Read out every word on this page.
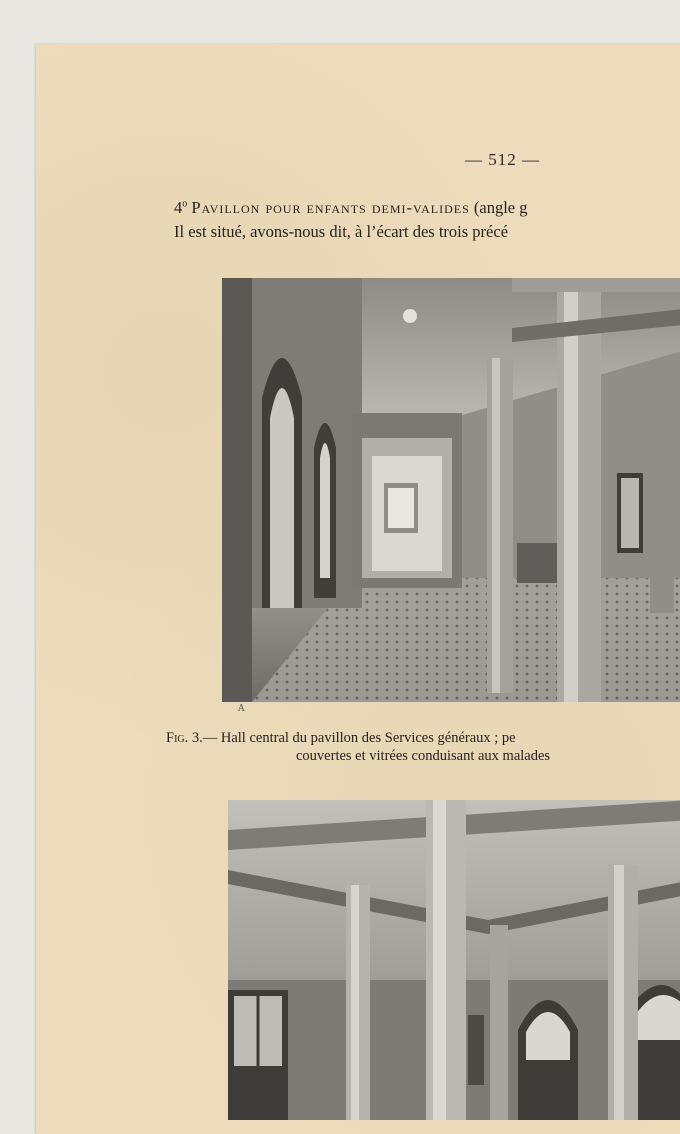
— 512 —
4$^o$ Pavillon pour enfants demi-valides (angle g
Il est situé, avons-nous dit, à l’écart des trois précé
A
Fig. 3.— Hall central du pavillon des Services généraux ; pe
couvertes et vitrées conduisant aux malades
